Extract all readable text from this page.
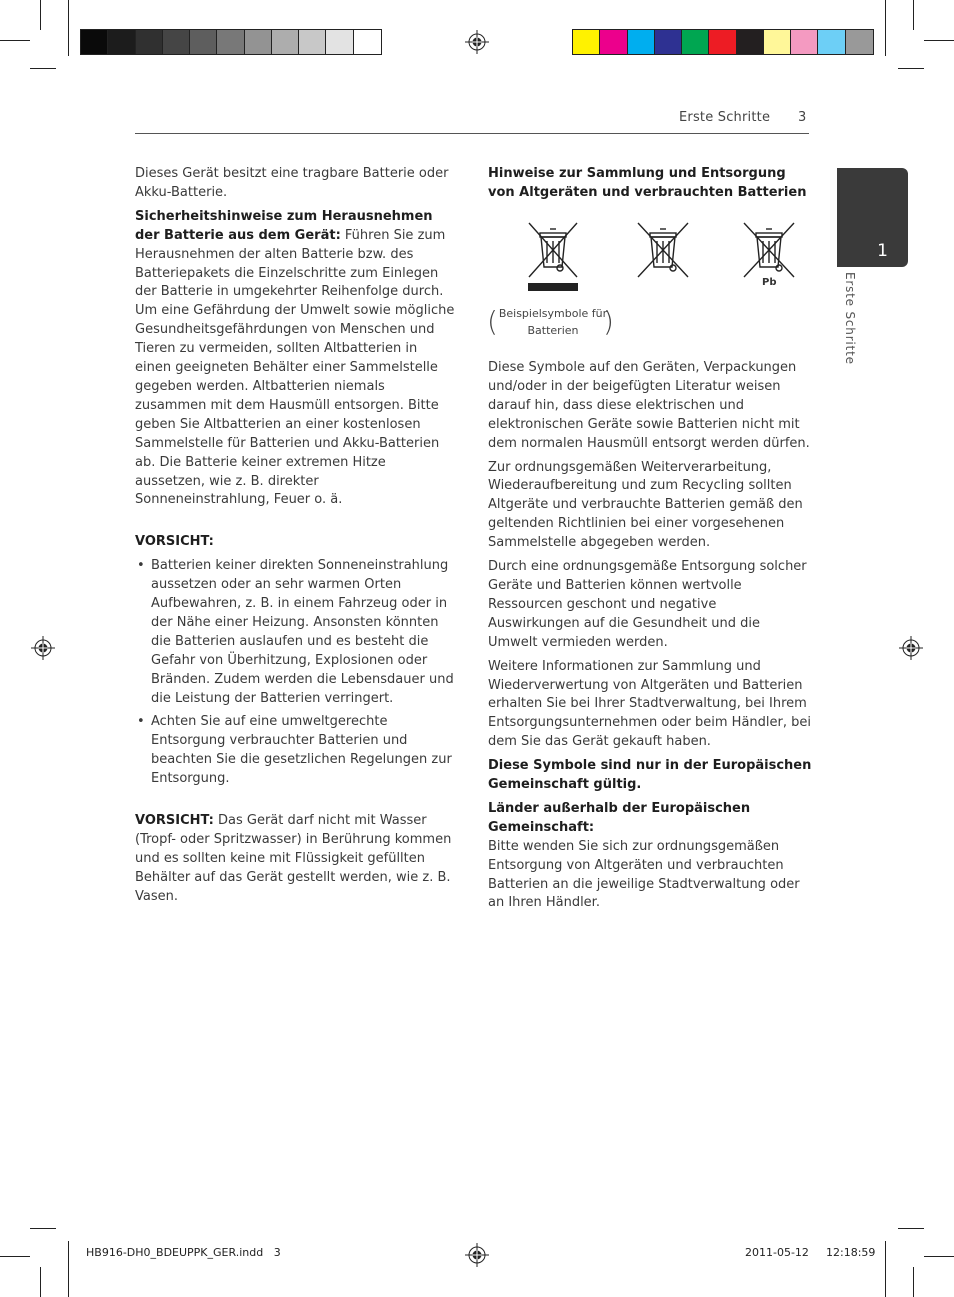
Erste Schritte 3
1
Erste Schritte

Dieses Gerät besitzt eine tragbare Batterie oder Akku-Batterie.

Sicherheitshinweise zum Herausnehmen der Batterie aus dem Gerät: Führen Sie zum Herausnehmen der alten Batterie bzw. des Batteriepakets die Einzelschritte zum Einlegen der Batterie in umgekehrter Reihenfolge durch. Um eine Gefährdung der Umwelt sowie mögliche Gesundheitsgefährdungen von Menschen und Tieren zu vermeiden, sollten Altbatterien in einen geeigneten Behälter einer Sammelstelle gegeben werden. Altbatterien niemals zusammen mit dem Hausmüll entsorgen. Bitte geben Sie Altbatterien an einer kostenlosen Sammelstelle für Batterien und Akku-Batterien ab. Die Batterie keiner extremen Hitze aussetzen, wie z. B. direkter Sonneneinstrahlung, Feuer o. ä.

VORSICHT:

• Batterien keiner direkten Sonneneinstrahlung aussetzen oder an sehr warmen Orten Aufbewahren, z. B. in einem Fahrzeug oder in der Nähe einer Heizung. Ansonsten könnten die Batterien auslaufen und es besteht die Gefahr von Überhitzung, Explosionen oder Bränden. Zudem werden die Lebensdauer und die Leistung der Batterien verringert.
• Achten Sie auf eine umweltgerechte Entsorgung verbrauchter Batterien und beachten Sie die gesetzlichen Regelungen zur Entsorgung.

VORSICHT: Das Gerät darf nicht mit Wasser (Tropf- oder Spritzwasser) in Berührung kommen und es sollten keine mit Flüssigkeit gefüllten Behälter auf das Gerät gestellt werden, wie z. B. Vasen.

Hinweise zur Sammlung und Entsorgung von Altgeräten und verbrauchten Batterien

Pb
( Beispielsymbole für Batterien )

Diese Symbole auf den Geräten, Verpackungen und/oder in der beigefügten Literatur weisen darauf hin, dass diese elektrischen und elektronischen Geräte sowie Batterien nicht mit dem normalen Hausmüll entsorgt werden dürfen.

Zur ordnungsgemäßen Weiterverarbeitung, Wiederaufbereitung und zum Recycling sollten Altgeräte und verbrauchte Batterien gemäß den geltenden Richtlinien bei einer vorgesehenen Sammelstelle abgegeben werden.

Durch eine ordnungsgemäße Entsorgung solcher Geräte und Batterien können wertvolle Ressourcen geschont und negative Auswirkungen auf die Gesundheit und die Umwelt vermieden werden.

Weitere Informationen zur Sammlung und Wiederverwertung von Altgeräten und Batterien erhalten Sie bei Ihrer Stadtverwaltung, bei Ihrem Entsorgungsunternehmen oder beim Händler, bei dem Sie das Gerät gekauft haben.

Diese Symbole sind nur in der Europäischen Gemeinschaft gültig.

Länder außerhalb der Europäischen Gemeinschaft:

Bitte wenden Sie sich zur ordnungsgemäßen Entsorgung von Altgeräten und verbrauchten Batterien an die jeweilige Stadtverwaltung oder an Ihren Händler.

HB916-DH0_BDEUPPK_GER.indd   3	2011-05-12 12:18:59
